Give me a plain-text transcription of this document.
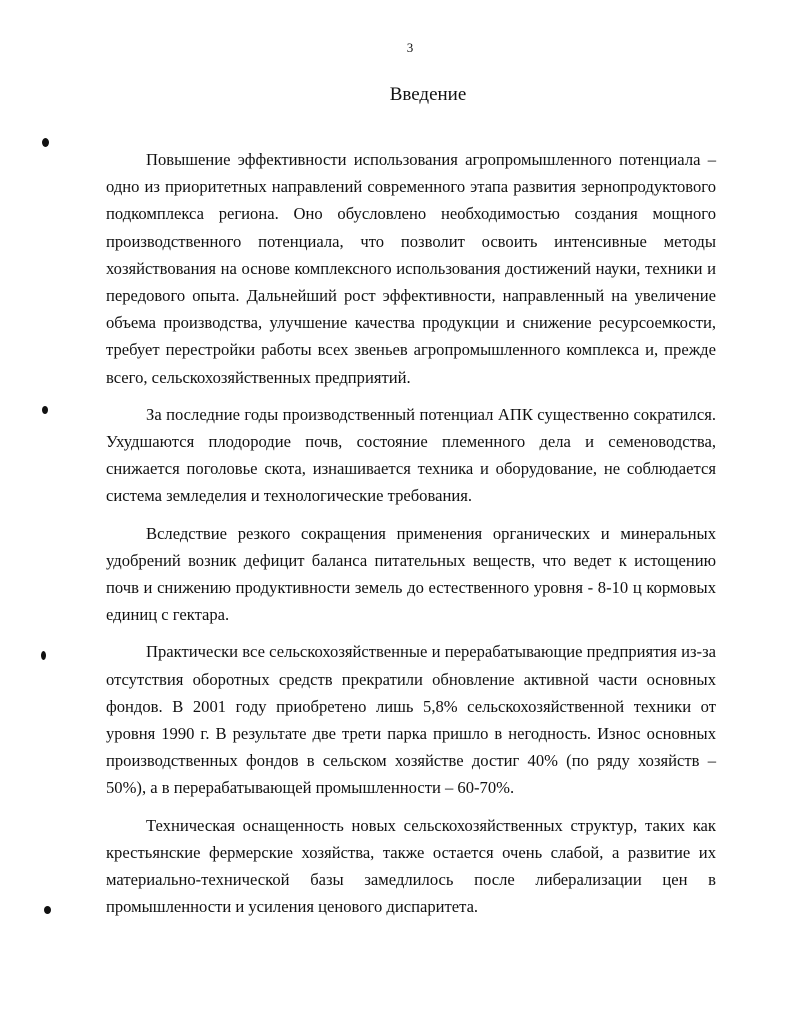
3
Введение

Повышение эффективности использования агропромышленного потенциала – одно из приоритетных направлений современного этапа развития зернопродуктового подкомплекса региона. Оно обусловлено необходимостью создания мощного производственного потенциала, что позволит освоить интенсивные методы хозяйствования на основе комплексного использования достижений науки, техники и передового опыта. Дальнейший рост эффективности, направленный на увеличение объема производства, улучшение качества продукции и снижение ресурсоемкости, требует перестройки работы всех звеньев агропромышленного комплекса и, прежде всего, сельскохозяйственных предприятий.

За последние годы производственный потенциал АПК существенно сократился. Ухудшаются плодородие почв, состояние племенного дела и семеноводства, снижается поголовье скота, изнашивается техника и оборудование, не соблюдается система земледелия и технологические требования.

Вследствие резкого сокращения применения органических и минеральных удобрений возник дефицит баланса питательных веществ, что ведет к истощению почв и снижению продуктивности земель до естественного уровня - 8-10 ц кормовых единиц с гектара.

Практически все сельскохозяйственные и перерабатывающие предприятия из-за отсутствия оборотных средств прекратили обновление активной части основных фондов. В 2001 году приобретено лишь 5,8% сельскохозяйственной техники от уровня 1990 г. В результате две трети парка пришло в негодность. Износ основных производственных фондов в сельском хозяйстве достиг 40% (по ряду хозяйств – 50%), а в перерабатывающей промышленности – 60-70%.

Техническая оснащенность новых сельскохозяйственных структур, таких как крестьянские фермерские хозяйства, также остается очень слабой, а развитие их материально-технической базы замедлилось после либерализации цен в промышленности и усиления ценового диспаритета.
